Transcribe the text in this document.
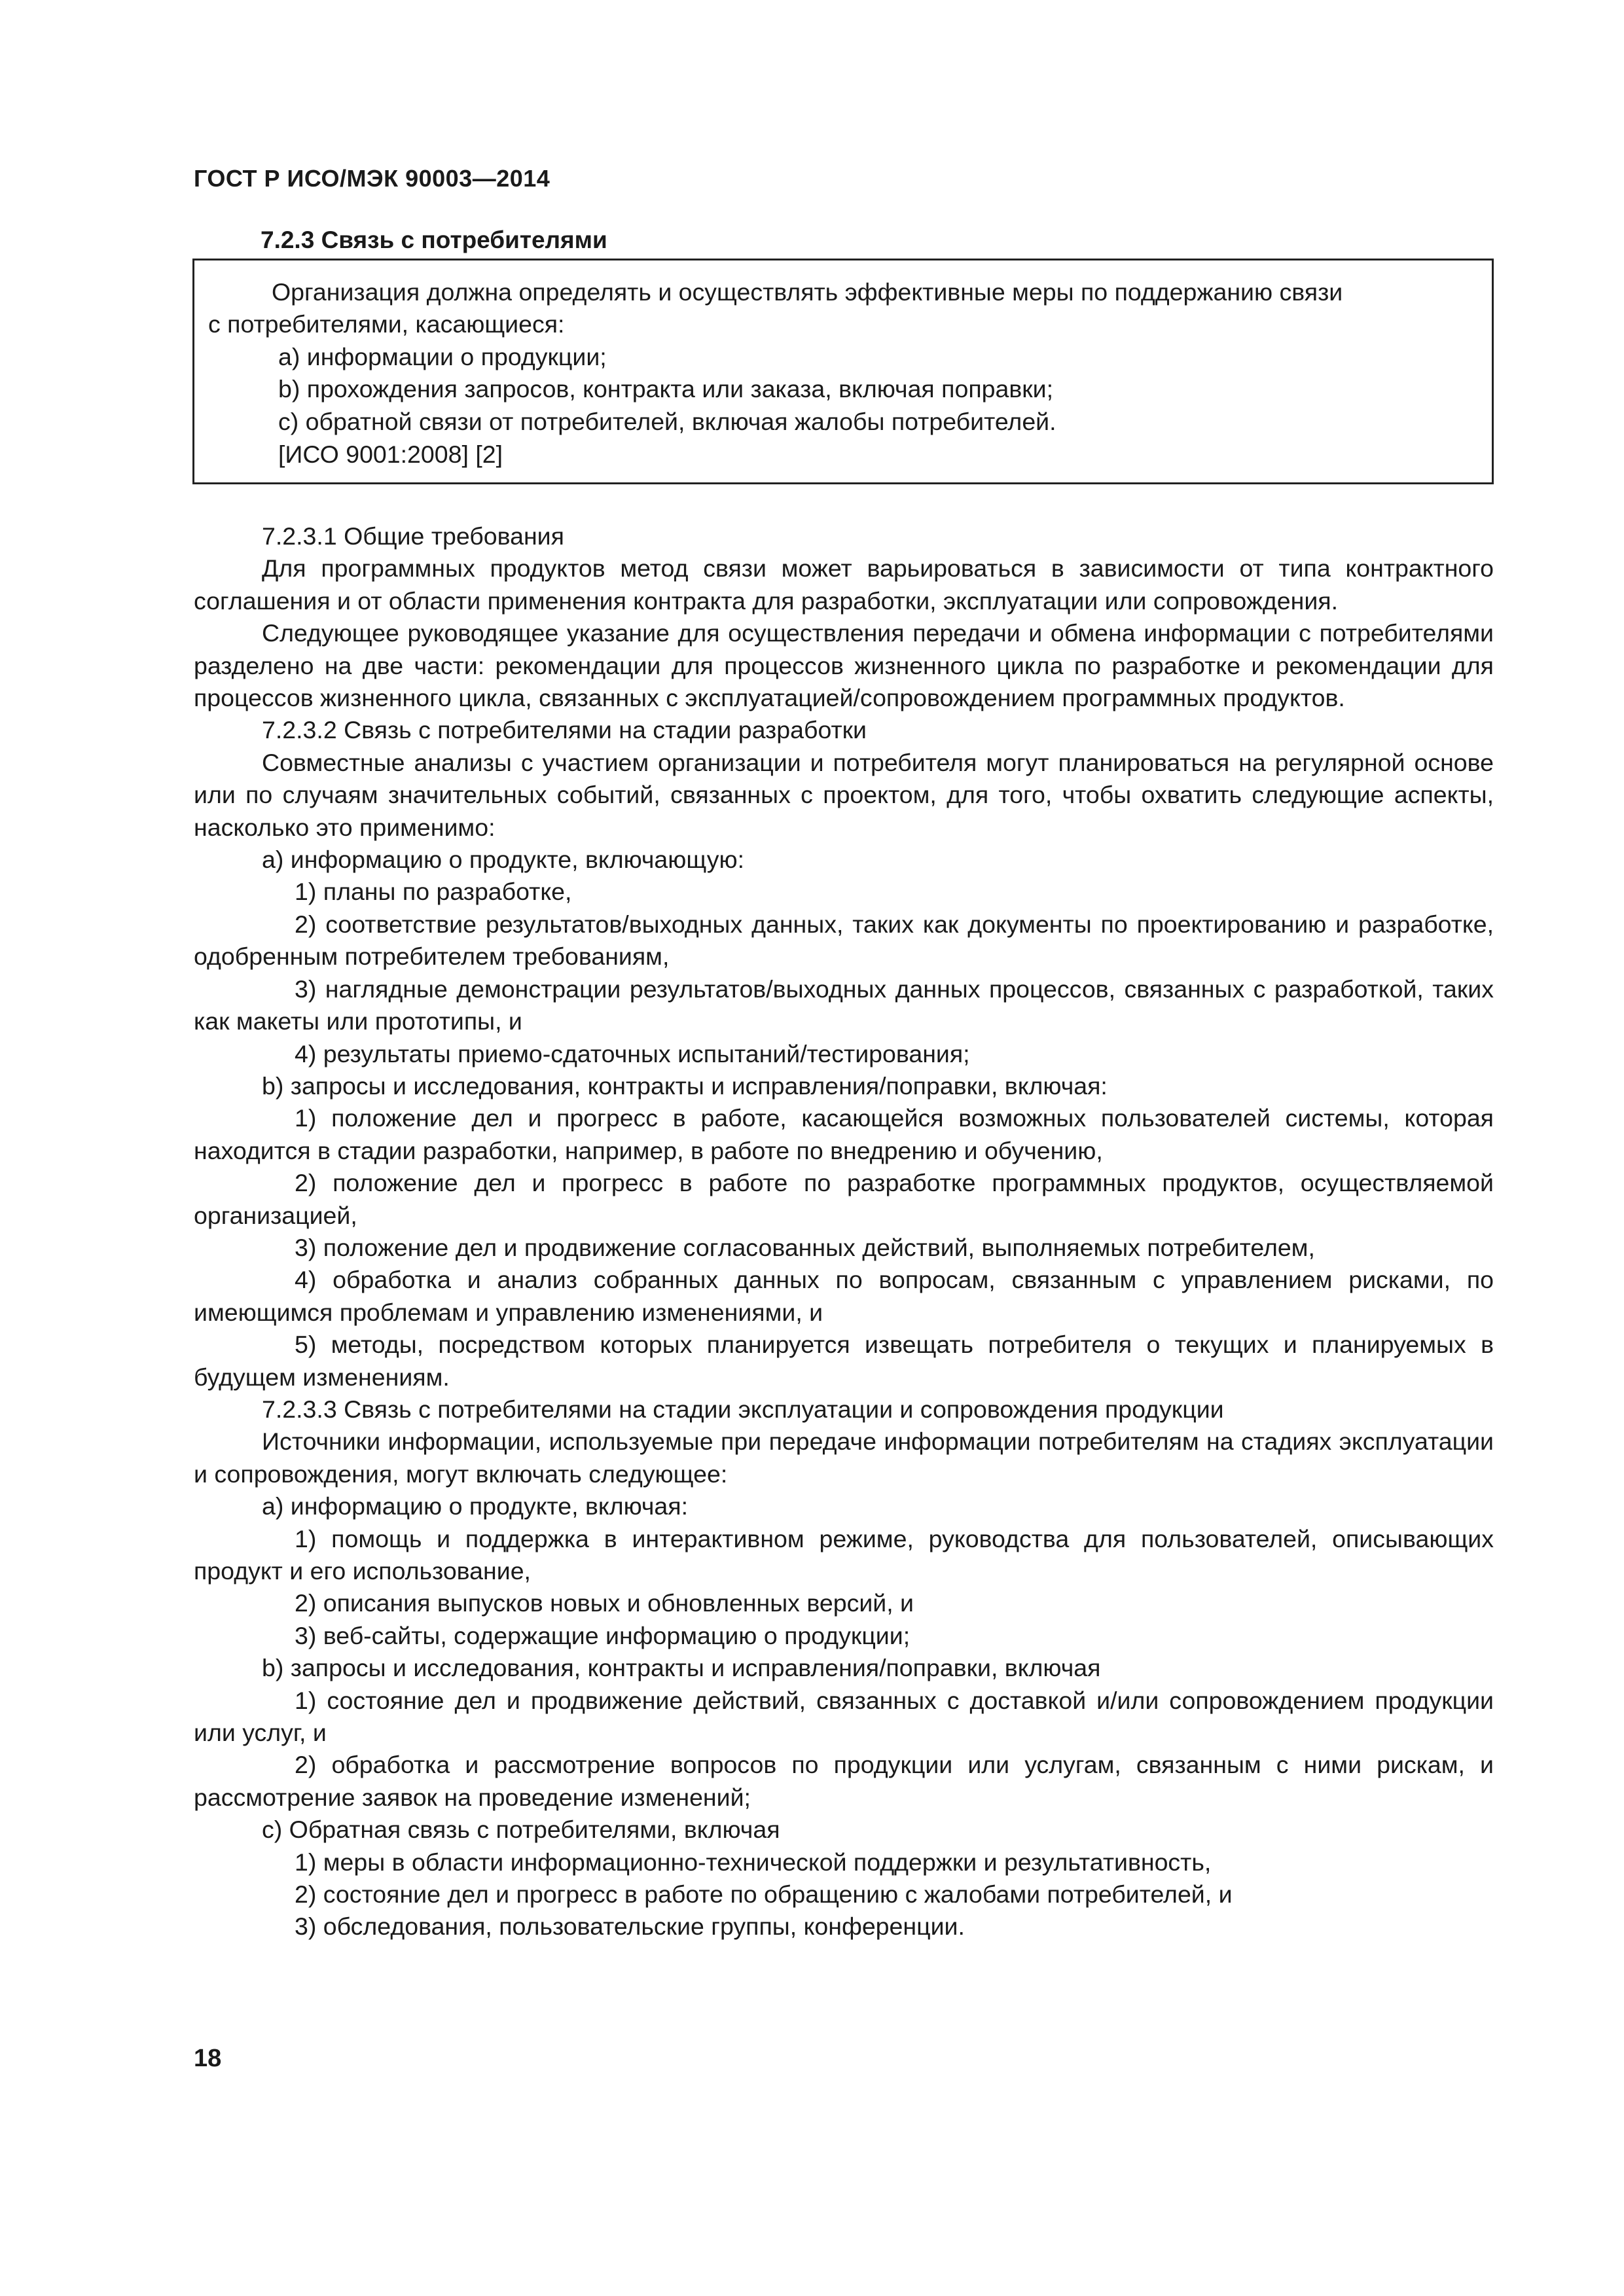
ГОСТ Р ИСО/МЭК 90003—2014
7.2.3 Связь с потребителями
Организация должна определять и осуществлять эффективные меры по поддержанию связи
с потребителями, касающиеся:
а) информации о продукции;
b) прохождения запросов, контракта или заказа, включая поправки;
c) обратной связи от потребителей, включая жалобы потребителей.
[ИСО 9001:2008] [2]

7.2.3.1 Общие требования

Для программных продуктов метод связи может варьироваться в зависимости от типа контрактного соглашения и от области применения контракта для разработки, эксплуатации или сопровождения.

Следующее руководящее указание для осуществления передачи и обмена информации с потребителями разделено на две части: рекомендации для процессов жизненного цикла по разработке и рекомендации для процессов жизненного цикла, связанных с эксплуатацией/сопровождением программных продуктов.

7.2.3.2 Связь с потребителями на стадии разработки

Совместные анализы с участием организации и потребителя могут планироваться на регулярной основе или по случаям значительных событий, связанных с проектом, для того, чтобы охватить следующие аспекты, насколько это применимо:

а) информацию о продукте, включающую:

1) планы по разработке,

2) соответствие результатов/выходных данных, таких как документы по проектированию и разработке, одобренным потребителем требованиям,

3) наглядные демонстрации результатов/выходных данных процессов, связанных с разработкой, таких как макеты или прототипы, и

4) результаты приемо-сдаточных испытаний/тестирования;

b) запросы и исследования, контракты и исправления/поправки, включая:

1) положение дел и прогресс в работе, касающейся возможных пользователей системы, которая находится в стадии разработки, например, в работе по внедрению и обучению,

2) положение дел и прогресс в работе по разработке программных продуктов, осуществляемой организацией,

3) положение дел и продвижение согласованных действий, выполняемых потребителем,

4) обработка и анализ собранных данных по вопросам, связанным с управлением рисками, по имеющимся проблемам и управлению изменениями, и

5) методы, посредством которых планируется извещать потребителя о текущих и планируемых в будущем изменениям.

7.2.3.3 Связь с потребителями на стадии эксплуатации и сопровождения продукции

Источники информации, используемые при передаче информации потребителям на стадиях эксплуатации и сопровождения, могут включать следующее:

а) информацию о продукте, включая:

1) помощь и поддержка в интерактивном режиме, руководства для пользователей, описывающих продукт и его использование,

2) описания выпусков новых и обновленных версий, и

3) веб-сайты, содержащие информацию о продукции;

b) запросы и исследования, контракты и исправления/поправки, включая

1) состояние дел и продвижение действий, связанных с доставкой и/или сопровождением продукции или услуг, и

2) обработка и рассмотрение вопросов по продукции или услугам, связанным с ними рискам, и рассмотрение заявок на проведение изменений;

c) Обратная связь с потребителями, включая

1) меры в области информационно-технической поддержки и результативность,

2) состояние дел и прогресс в работе по обращению с жалобами потребителей, и

3) обследования, пользовательские группы, конференции.

18
